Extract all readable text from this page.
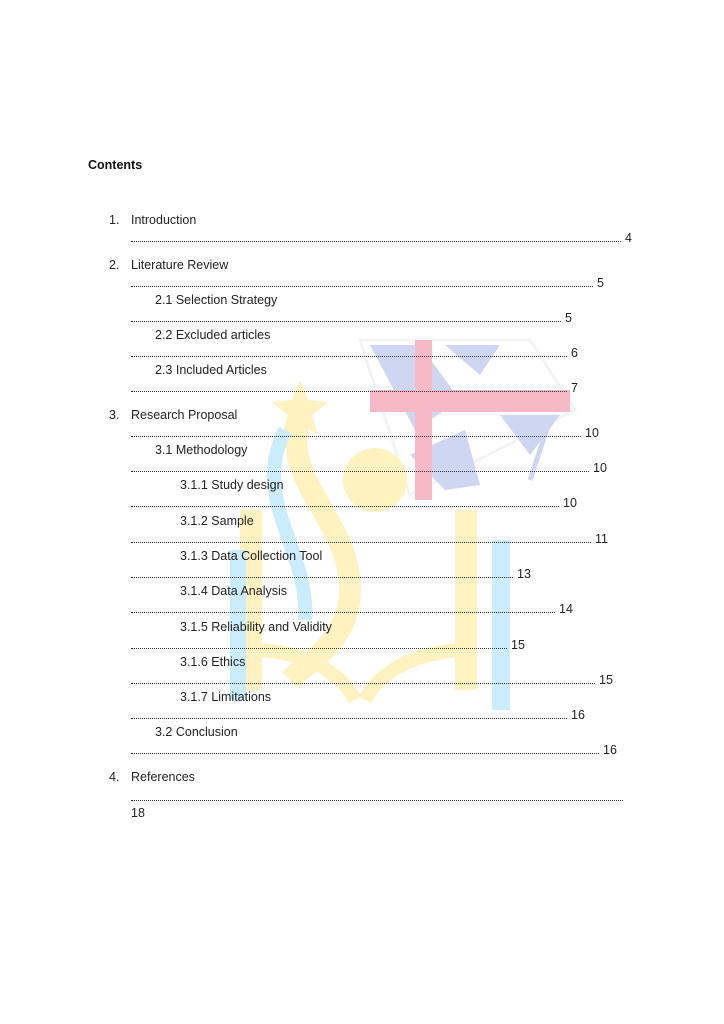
Contents
1. Introduction
4
2. Literature Review
5
2.1 Selection Strategy
5
2.2 Excluded articles
6
2.3 Included Articles
7
3. Research Proposal
10
3.1 Methodology
10
3.1.1 Study design
10
3.1.2 Sample
11
3.1.3 Data Collection Tool
13
3.1.4 Data Analysis
14
3.1.5 Reliability and Validity
15
3.1.6 Ethics
15
3.1.7 Limitations
16
3.2 Conclusion
16
4. References
18
